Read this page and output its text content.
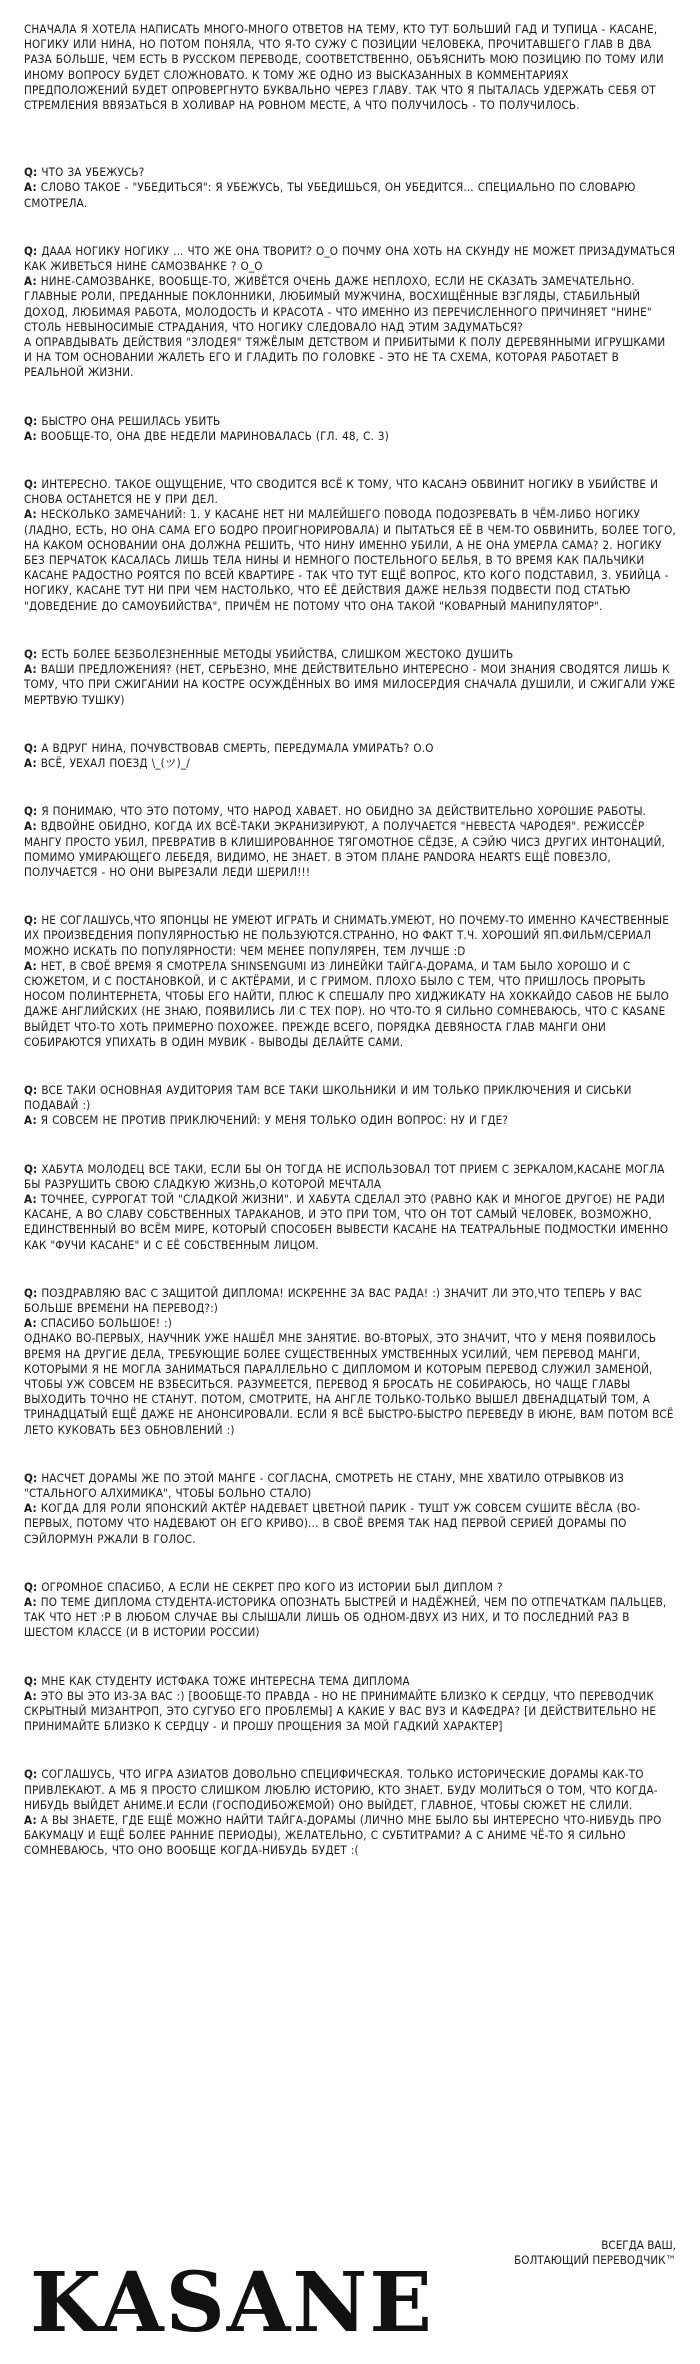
СНАЧАЛА Я ХОТЕЛА НАПИСАТЬ МНОГО-МНОГО ОТВЕТОВ НА ТЕМУ, КТО ТУТ БОЛЬШИЙ ГАД И ТУПИЦА - КАСАНЕ, НОГИКУ ИЛИ НИНА, НО ПОТОМ ПОНЯЛА, ЧТО Я-ТО СУЖУ С ПОЗИЦИИ ЧЕЛОВЕКА, ПРОЧИТАВШЕГО ГЛАВ В ДВА РАЗА БОЛЬШЕ, ЧЕМ ЕСТЬ В РУССКОМ ПЕРЕВОДЕ, СООТВЕТСТВЕННО, ОБЪЯСНИТЬ МОЮ ПОЗИЦИЮ ПО ТОМУ ИЛИ ИНОМУ ВОПРОСУ БУДЕТ СЛОЖНОВАТО. К ТОМУ ЖЕ ОДНО ИЗ ВЫСКАЗАННЫХ В КОММЕНТАРИЯХ ПРЕДПОЛОЖЕНИЙ БУДЕТ ОПРОВЕРГНУТО БУКВАЛЬНО ЧЕРЕЗ ГЛАВУ. ТАК ЧТО Я ПЫТАЛАСЬ УДЕРЖАТЬ СЕБЯ ОТ СТРЕМЛЕНИЯ ВВЯЗАТЬСЯ В ХОЛИВАР НА РОВНОМ МЕСТЕ, А ЧТО ПОЛУЧИЛОСЬ - ТО ПОЛУЧИЛОСЬ.

Q: ЧТО ЗА УБЕЖУСЬ?

A: СЛОВО ТАКОЕ - "УБЕДИТЬСЯ": Я УБЕЖУСЬ, ТЫ УБЕДИШЬСЯ, ОН УБЕДИТСЯ... СПЕЦИАЛЬНО ПО СЛОВАРЮ СМОТРЕЛА.

Q: ДААА НОГИКУ НОГИКУ ... ЧТО ЖЕ ОНА ТВОРИТ? О_О ПОЧМУ ОНА ХОТЬ НА СКУНДУ НЕ МОЖЕТ ПРИЗАДУМАТЬСЯ КАК ЖИВЕТЬСЯ НИНЕ САМОЗВАНКЕ ? О_О

A: НИНЕ-САМОЗВАНКЕ, ВООБЩЕ-ТО, ЖИВЁТСЯ ОЧЕНЬ ДАЖЕ НЕПЛОХО, ЕСЛИ НЕ СКАЗАТЬ ЗАМЕЧАТЕЛЬНО. ГЛАВНЫЕ РОЛИ, ПРЕДАННЫЕ ПОКЛОННИКИ, ЛЮБИМЫЙ МУЖЧИНА, ВОСХИЩЁННЫЕ ВЗГЛЯДЫ, СТАБИЛЬНЫЙ ДОХОД, ЛЮБИМАЯ РАБОТА, МОЛОДОСТЬ И КРАСОТА - ЧТО ИМЕННО ИЗ ПЕРЕЧИСЛЕННОГО ПРИЧИНЯЕТ "НИНЕ" СТОЛЬ НЕВЫНОСИМЫЕ СТРАДАНИЯ, ЧТО НОГИКУ СЛЕДОВАЛО НАД ЭТИМ ЗАДУМАТЬСЯ?
А ОПРАВДЫВАТЬ ДЕЙСТВИЯ "ЗЛОДЕЯ" ТЯЖЁЛЫМ ДЕТСТВОМ И ПРИБИТЫМИ К ПОЛУ ДЕРЕВЯННЫМИ ИГРУШКАМИ И НА ТОМ ОСНОВАНИИ ЖАЛЕТЬ ЕГО И ГЛАДИТЬ ПО ГОЛОВКЕ - ЭТО НЕ ТА СХЕМА, КОТОРАЯ РАБОТАЕТ В РЕАЛЬНОЙ ЖИЗНИ.

Q: БЫСТРО ОНА РЕШИЛАСЬ УБИТЬ

A: ВООБЩЕ-ТО, ОНА ДВЕ НЕДЕЛИ МАРИНОВАЛАСЬ (ГЛ. 48, С. 3)

Q: ИНТЕРЕСНО. ТАКОЕ ОЩУЩЕНИЕ, ЧТО СВОДИТСЯ ВСЁ К ТОМУ, ЧТО КАСАНЭ ОБВИНИТ НОГИКУ В УБИЙСТВЕ И СНОВА ОСТАНЕТСЯ НЕ У ПРИ ДЕЛ.

A: НЕСКОЛЬКО ЗАМЕЧАНИЙ: 1. У КАСАНЕ НЕТ НИ МАЛЕЙШЕГО ПОВОДА ПОДОЗРЕВАТЬ В ЧЁМ-ЛИБО НОГИКУ (ЛАДНО, ЕСТЬ, НО ОНА САМА ЕГО БОДРО ПРОИГНОРИРОВАЛА) И ПЫТАТЬСЯ ЕЁ В ЧЕМ-ТО ОБВИНИТЬ, БОЛЕЕ ТОГО, НА КАКОМ ОСНОВАНИИ ОНА ДОЛЖНА РЕШИТЬ, ЧТО НИНУ ИМЕННО УБИЛИ, А НЕ ОНА УМЕРЛА САМА? 2. НОГИКУ БЕЗ ПЕРЧАТОК КАСАЛАСЬ ЛИШЬ ТЕЛА НИНЫ И НЕМНОГО ПОСТЕЛЬНОГО БЕЛЬЯ, В ТО ВРЕМЯ КАК ПАЛЬЧИКИ КАСАНЕ РАДОСТНО РОЯТСЯ ПО ВСЕЙ КВАРТИРЕ - ТАК ЧТО ТУТ ЕЩЁ ВОПРОС, КТО КОГО ПОДСТАВИЛ, 3. УБИЙЦА - НОГИКУ, КАСАНЕ ТУТ НИ ПРИ ЧЕМ НАСТОЛЬКО, ЧТО ЕЁ ДЕЙСТВИЯ ДАЖЕ НЕЛЬЗЯ ПОДВЕСТИ ПОД СТАТЬЮ "ДОВЕДЕНИЕ ДО САМОУБИЙСТВА", ПРИЧЁМ НЕ ПОТОМУ ЧТО ОНА ТАКОЙ "КОВАРНЫЙ МАНИПУЛЯТОР".

Q: ЕСТЬ БОЛЕЕ БЕЗБОЛЕЗНЕННЫЕ МЕТОДЫ УБИЙСТВА, СЛИШКОМ ЖЕСТОКО ДУШИТЬ

A: ВАШИ ПРЕДЛОЖЕНИЯ? (НЕТ, СЕРЬЕЗНО, МНЕ ДЕЙСТВИТЕЛЬНО ИНТЕРЕСНО - МОИ ЗНАНИЯ СВОДЯТСЯ ЛИШЬ К ТОМУ, ЧТО ПРИ СЖИГАНИИ НА КОСТРЕ ОСУЖДЁННЫХ ВО ИМЯ МИЛОСЕРДИЯ СНАЧАЛА ДУШИЛИ, И СЖИГАЛИ УЖЕ МЕРТВУЮ ТУШКУ)

Q: А ВДРУГ НИНА, ПОЧУВСТВОВАВ СМЕРТЬ, ПЕРЕДУМАЛА УМИРАТЬ? О.О

A: ВСЁ, УЕХАЛ ПОЕЗД \_(ツ)_/

Q: Я ПОНИМАЮ, ЧТО ЭТО ПОТОМУ, ЧТО НАРОД ХАВАЕТ. НО ОБИДНО ЗА ДЕЙСТВИТЕЛЬНО ХОРОШИЕ РАБОТЫ.

A: ВДВОЙНЕ ОБИДНО, КОГДА ИХ ВСЁ-ТАКИ ЭКРАНИЗИРУЮТ, А ПОЛУЧАЕТСЯ "НЕВЕСТА ЧАРОДЕЯ". РЕЖИССЁР МАНГУ ПРОСТО УБИЛ, ПРЕВРАТИВ В КЛИШИРОВАННОЕ ТЯГОМОТНОЕ СЁДЗЕ, А СЭЙЮ ЧИСЗ ДРУГИХ ИНТОНАЦИЙ, ПОМИМО УМИРАЮЩЕГО ЛЕБЕДЯ, ВИДИМО, НЕ ЗНАЕТ. В ЭТОМ ПЛАНЕ PANDORA HEARTS ЕЩЁ ПОВЕЗЛО, ПОЛУЧАЕТСЯ - НО ОНИ ВЫРЕЗАЛИ ЛЕДИ ШЕРИЛ!!!

Q: НЕ СОГЛАШУСЬ,ЧТО ЯПОНЦЫ НЕ УМЕЮТ ИГРАТЬ И СНИМАТЬ.УМЕЮТ, НО ПОЧЕМУ-ТО ИМЕННО КАЧЕСТВЕННЫЕ ИХ ПРОИЗВЕДЕНИЯ ПОПУЛЯРНОСТЬЮ НЕ ПОЛЬЗУЮТСЯ.СТРАННО, НО ФАКТ Т.Ч. ХОРОШИЙ ЯП.ФИЛЬМ/СЕРИАЛ МОЖНО ИСКАТЬ ПО ПОПУЛЯРНОСТИ: ЧЕМ МЕНЕЕ ПОПУЛЯРЕН, ТЕМ ЛУЧШЕ :D

A: НЕТ, В СВОЁ ВРЕМЯ Я СМОТРЕЛА SHINSENGUMI ИЗ ЛИНЕЙКИ ТАЙГА-ДОРАМА, И ТАМ БЫЛО ХОРОШО И С СЮЖЕТОМ, И С ПОСТАНОВКОЙ, И С АКТЁРАМИ, И С ГРИМОМ. ПЛОХО БЫЛО С ТЕМ, ЧТО ПРИШЛОСЬ ПРОРЫТЬ НОСОМ ПОЛИНТЕРНЕТА, ЧТОБЫ ЕГО НАЙТИ, ПЛЮС К СПЕШАЛУ ПРО ХИДЖИКАТУ НА ХОККАЙДО САБОВ НЕ БЫЛО ДАЖЕ АНГЛИЙСКИХ (НЕ ЗНАЮ, ПОЯВИЛИСЬ ЛИ С ТЕХ ПОР). НО ЧТО-ТО Я СИЛЬНО СОМНЕВАЮСЬ, ЧТО С KASANE ВЫЙДЕТ ЧТО-ТО ХОТЬ ПРИМЕРНО ПОХОЖЕЕ. ПРЕЖДЕ ВСЕГО, ПОРЯДКА ДЕВЯНОСТА ГЛАВ МАНГИ ОНИ СОБИРАЮТСЯ УПИХАТЬ В ОДИН МУВИК - ВЫВОДЫ ДЕЛАЙТЕ САМИ.

Q: ВСЕ ТАКИ ОСНОВНАЯ АУДИТОРИЯ ТАМ ВСЕ ТАКИ ШКОЛЬНИКИ И ИМ ТОЛЬКО ПРИКЛЮЧЕНИЯ И СИСЬКИ ПОДАВАЙ :)

A: Я СОВСЕМ НЕ ПРОТИВ ПРИКЛЮЧЕНИЙ: У МЕНЯ ТОЛЬКО ОДИН ВОПРОС: НУ И ГДЕ?

Q: ХАБУТА МОЛОДЕЦ ВСЕ ТАКИ, ЕСЛИ БЫ ОН ТОГДА НЕ ИСПОЛЬЗОВАЛ ТОТ ПРИЕМ С ЗЕРКАЛОМ,КАСАНЕ МОГЛА БЫ РАЗРУШИТЬ СВОЮ СЛАДКУЮ ЖИЗНЬ,О КОТОРОЙ МЕЧТАЛА

A: ТОЧНЕЕ, СУРРОГАТ ТОЙ "СЛАДКОЙ ЖИЗНИ". И ХАБУТА СДЕЛАЛ ЭТО (РАВНО КАК И МНОГОЕ ДРУГОЕ) НЕ РАДИ КАСАНЕ, А ВО СЛАВУ СОБСТВЕННЫХ ТАРАКАНОВ, И ЭТО ПРИ ТОМ, ЧТО ОН ТОТ САМЫЙ ЧЕЛОВЕК, ВОЗМОЖНО, ЕДИНСТВЕННЫЙ ВО ВСЁМ МИРЕ, КОТОРЫЙ СПОСОБЕН ВЫВЕСТИ КАСАНЕ НА ТЕАТРАЛЬНЫЕ ПОДМОСТКИ ИМЕННО КАК "ФУЧИ КАСАНЕ" И С ЕЁ СОБСТВЕННЫМ ЛИЦОМ.

Q: ПОЗДРАВЛЯЮ ВАС С ЗАЩИТОЙ ДИПЛОМА! ИСКРЕННЕ ЗА ВАС РАДА! :) ЗНАЧИТ ЛИ ЭТО,ЧТО ТЕПЕРЬ У ВАС БОЛЬШЕ ВРЕМЕНИ НА ПЕРЕВОД?:)

A: СПАСИБО БОЛЬШОЕ! :)
ОДНАКО ВО-ПЕРВЫХ, НАУЧНИК УЖЕ НАШЁЛ МНЕ ЗАНЯТИЕ. ВО-ВТОРЫХ, ЭТО ЗНАЧИТ, ЧТО У МЕНЯ ПОЯВИЛОСЬ ВРЕМЯ НА ДРУГИЕ ДЕЛА, ТРЕБУЮЩИЕ БОЛЕЕ СУЩЕСТВЕННЫХ УМСТВЕННЫХ УСИЛИЙ, ЧЕМ ПЕРЕВОД МАНГИ, КОТОРЫМИ Я НЕ МОГЛА ЗАНИМАТЬСЯ ПАРАЛЛЕЛЬНО С ДИПЛОМОМ И КОТОРЫМ ПЕРЕВОД СЛУЖИЛ ЗАМЕНОЙ, ЧТОБЫ УЖ СОВСЕМ НЕ ВЗБЕСИТЬСЯ. РАЗУМЕЕТСЯ, ПЕРЕВОД Я БРОСАТЬ НЕ СОБИРАЮСЬ, НО ЧАЩЕ ГЛАВЫ ВЫХОДИТЬ ТОЧНО НЕ СТАНУТ. ПОТОМ, СМОТРИТЕ, НА АНГЛЕ ТОЛЬКО-ТОЛЬКО ВЫШЕЛ ДВЕНАДЦАТЫЙ ТОМ, А ТРИНАДЦАТЫЙ ЕЩЁ ДАЖЕ НЕ АНОНСИРОВАЛИ. ЕСЛИ Я ВСЁ БЫСТРО-БЫСТРО ПЕРЕВЕДУ В ИЮНЕ, ВАМ ПОТОМ ВСЁ ЛЕТО КУКОВАТЬ БЕЗ ОБНОВЛЕНИЙ :)

Q: НАСЧЕТ ДОРАМЫ ЖЕ ПО ЭТОЙ МАНГЕ - СОГЛАСНА, СМОТРЕТЬ НЕ СТАНУ, МНЕ ХВАТИЛО ОТРЫВКОВ ИЗ "СТАЛЬНОГО АЛХИМИКА", ЧТОБЫ БОЛЬНО СТАЛО)

A: КОГДА ДЛЯ РОЛИ ЯПОНСКИЙ АКТЁР НАДЕВАЕТ ЦВЕТНОЙ ПАРИК - ТУШТ УЖ СОВСЕМ СУШИТЕ ВЁСЛА (ВО-ПЕРВЫХ, ПОТОМУ ЧТО НАДЕВАЮТ ОН ЕГО КРИВО)... В СВОЁ ВРЕМЯ ТАК НАД ПЕРВОЙ СЕРИЕЙ ДОРАМЫ ПО СЭЙЛОРМУН РЖАЛИ В ГОЛОС.

Q: ОГРОМНОЕ СПАСИБО, А ЕСЛИ НЕ СЕКРЕТ ПРО КОГО ИЗ ИСТОРИИ БЫЛ ДИПЛОМ ?

A: ПО ТЕМЕ ДИПЛОМА СТУДЕНТА-ИСТОРИКА ОПОЗНАТЬ БЫСТРЕЙ И НАДЁЖНЕЙ, ЧЕМ ПО ОТПЕЧАТКАМ ПАЛЬЦЕВ, ТАК ЧТО НЕТ :Р В ЛЮБОМ СЛУЧАЕ ВЫ СЛЫШАЛИ ЛИШЬ ОБ ОДНОМ-ДВУХ ИЗ НИХ, И ТО ПОСЛЕДНИЙ РАЗ В ШЕСТОМ КЛАССЕ (И В ИСТОРИИ РОССИИ)

Q: МНЕ КАК СТУДЕНТУ ИСТФАКА ТОЖЕ ИНТЕРЕСНА ТЕМА ДИПЛОМА

A: ЭТО ВЫ ЭТО ИЗ-ЗА ВАС :) [ВООБЩЕ-ТО ПРАВДА - НО НЕ ПРИНИМАЙТЕ БЛИЗКО К СЕРДЦУ, ЧТО ПЕРЕВОДЧИК СКРЫТНЫЙ МИЗАНТРОП, ЭТО СУГУБО ЕГО ПРОБЛЕМЫ] А КАКИЕ У ВАС ВУЗ И КАФЕДРА? [И ДЕЙСТВИТЕЛЬНО НЕ ПРИНИМАЙТЕ БЛИЗКО К СЕРДЦУ - И ПРОШУ ПРОЩЕНИЯ ЗА МОЙ ГАДКИЙ ХАРАКТЕР]

Q: СОГЛАШУСЬ, ЧТО ИГРА АЗИАТОВ ДОВОЛЬНО СПЕЦИФИЧЕСКАЯ. ТОЛЬКО ИСТОРИЧЕСКИЕ ДОРАМЫ КАК-ТО ПРИВЛЕКАЮТ. А МБ Я ПРОСТО СЛИШКОМ ЛЮБЛЮ ИСТОРИЮ, КТО ЗНАЕТ. БУДУ МОЛИТЬСЯ О ТОМ, ЧТО КОГДА-НИБУДЬ ВЫЙДЕТ АНИМЕ.И ЕСЛИ (ГОСПОДИБОЖЕМОЙ) ОНО ВЫЙДЕТ, ГЛАВНОЕ, ЧТОБЫ СЮЖЕТ НЕ СЛИЛИ.

A: А ВЫ ЗНАЕТЕ, ГДЕ ЕЩЁ МОЖНО НАЙТИ ТАЙГА-ДОРАМЫ (ЛИЧНО МНЕ БЫЛО БЫ ИНТЕРЕСНО ЧТО-НИБУДЬ ПРО БАКУМАЦУ И ЕЩЁ БОЛЕЕ РАННИЕ ПЕРИОДЫ), ЖЕЛАТЕЛЬНО, С СУБТИТРАМИ? А С АНИМЕ ЧЁ-ТО Я СИЛЬНО СОМНЕВАЮСЬ, ЧТО ОНО ВООБЩЕ КОГДА-НИБУДЬ БУДЕТ :(

KASANE
ВСЕГДА ВАШ,
БОЛТАЮЩИЙ ПЕРЕВОДЧИК™
